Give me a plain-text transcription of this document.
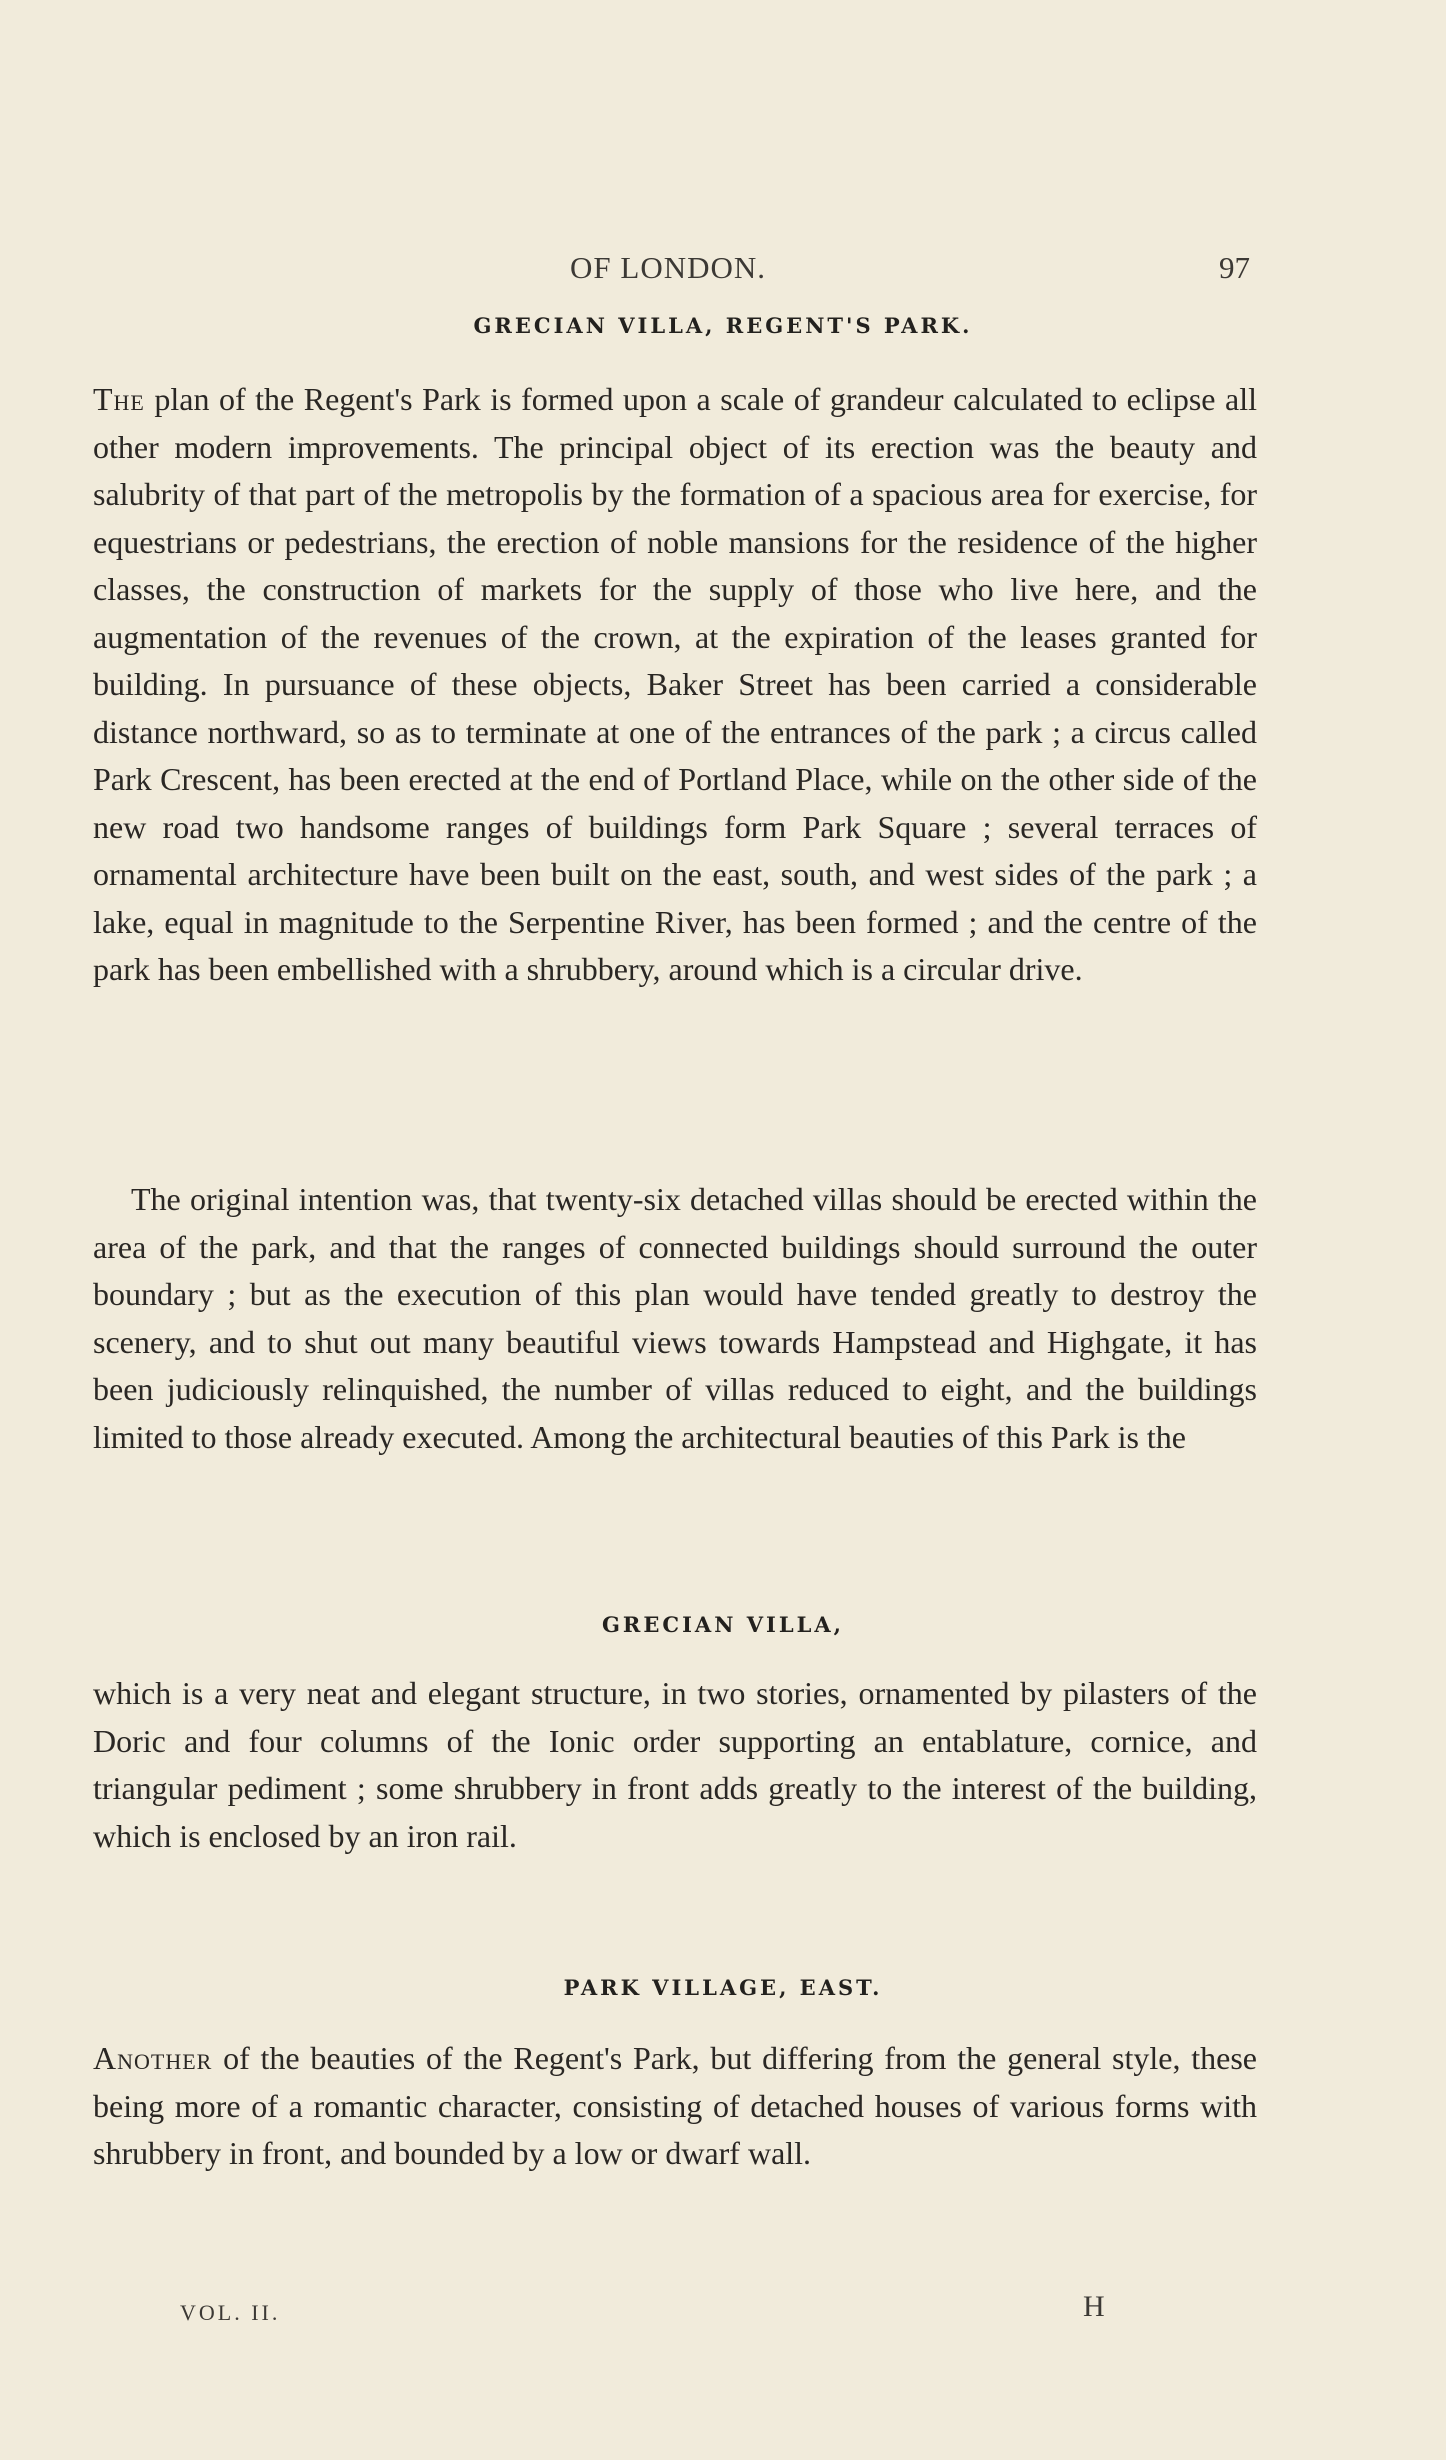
OF LONDON.	97
GRECIAN VILLA, REGENT'S PARK.

The plan of the Regent's Park is formed upon a scale of grandeur calculated to eclipse all other modern improvements. The principal object of its erection was the beauty and salubrity of that part of the metropolis by the formation of a spacious area for exercise, for equestrians or pedestrians, the erection of noble mansions for the residence of the higher classes, the construction of markets for the supply of those who live here, and the augmentation of the revenues of the crown, at the expiration of the leases granted for building. In pursuance of these objects, Baker Street has been carried a considerable distance northward, so as to terminate at one of the entrances of the park ; a circus called Park Crescent, has been erected at the end of Portland Place, while on the other side of the new road two handsome ranges of buildings form Park Square ; several terraces of ornamental architecture have been built on the east, south, and west sides of the park ; a lake, equal in magnitude to the Serpentine River, has been formed ; and the centre of the park has been embellished with a shrubbery, around which is a circular drive.

The original intention was, that twenty-six detached villas should be erected within the area of the park, and that the ranges of connected buildings should surround the outer boundary ; but as the execution of this plan would have tended greatly to destroy the scenery, and to shut out many beautiful views towards Hampstead and Highgate, it has been judiciously relinquished, the number of villas reduced to eight, and the buildings limited to those already executed. Among the architectural beauties of this Park is the

GRECIAN VILLA,

which is a very neat and elegant structure, in two stories, ornamented by pilasters of the Doric and four columns of the Ionic order supporting an entablature, cornice, and triangular pediment ; some shrubbery in front adds greatly to the interest of the building, which is enclosed by an iron rail.

PARK VILLAGE, EAST.

Another of the beauties of the Regent's Park, but differing from the general style, these being more of a romantic character, consisting of detached houses of various forms with shrubbery in front, and bounded by a low or dwarf wall.

VOL. II.	H
